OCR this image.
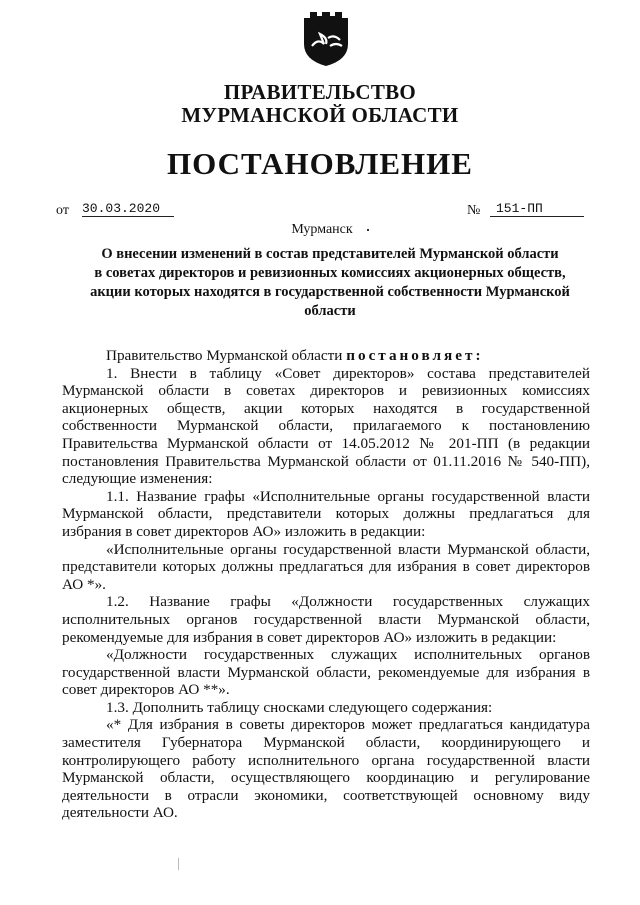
ПРАВИТЕЛЬСТВО
МУРМАНСКОЙ ОБЛАСТИ
ПОСТАНОВЛЕНИЕ
от 30.03.2020	№	151-ПП
Мурманск
О внесении изменений в состав представителей Мурманской области
в советах директоров и ревизионных комиссиях акционерных обществ,
акции которых находятся в государственной собственности Мурманской
области

Правительство Мурманской области постановляет:

1. Внести в таблицу «Совет директоров» состава представителей Мурманской области в советах директоров и ревизионных комиссиях акционерных обществ, акции которых находятся в государственной собственности Мурманской области, прилагаемого к постановлению Правительства Мурманской области от 14.05.2012 № 201-ПП (в редакции постановления Правительства Мурманской области от 01.11.2016 № 540-ПП), следующие изменения:

1.1. Название графы «Исполнительные органы государственной власти Мурманской области, представители которых должны предлагаться для избрания в совет директоров АО» изложить в редакции:

«Исполнительные органы государственной власти Мурманской области, представители которых должны предлагаться для избрания в совет директоров АО *».

1.2. Название графы «Должности государственных служащих исполнительных органов государственной власти Мурманской области, рекомендуемые для избрания в совет директоров АО» изложить в редакции:

«Должности государственных служащих исполнительных органов государственной власти Мурманской области, рекомендуемые для избрания в совет директоров АО **».

1.3. Дополнить таблицу сносками следующего содержания:

«* Для избрания в советы директоров может предлагаться кандидатура заместителя Губернатора Мурманской области, координирующего и контролирующего работу исполнительного органа государственной власти Мурманской области, осуществляющего координацию и регулирование деятельности в отрасли экономики, соответствующей основному виду деятельности АО.
